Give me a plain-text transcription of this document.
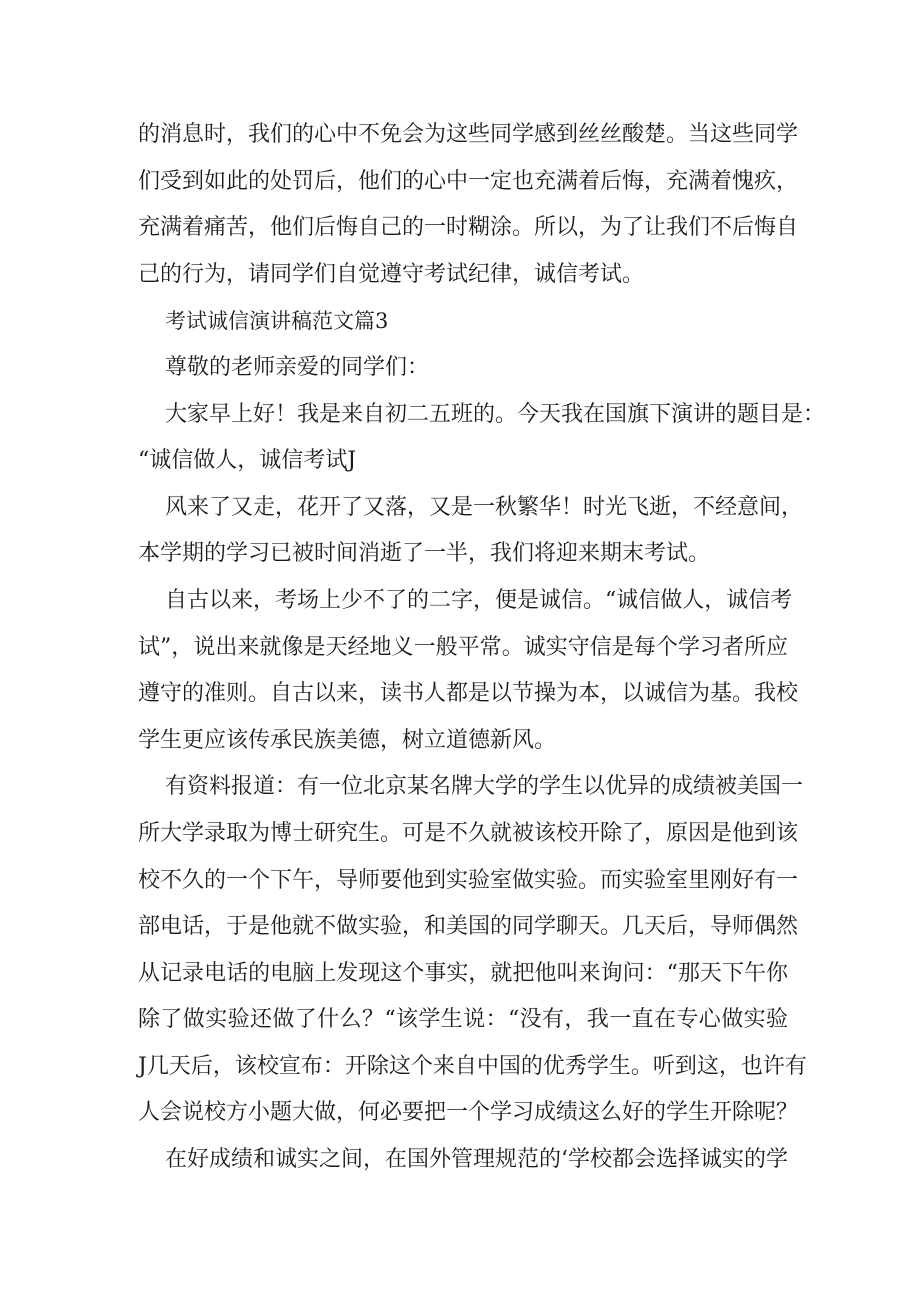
的消息时，我们的心中不免会为这些同学感到丝丝酸楚。当这些同学
们受到如此的处罚后，他们的心中一定也充满着后悔，充满着愧疚，
充满着痛苦，他们后悔自己的一时糊涂。所以，为了让我们不后悔自
己的行为，请同学们自觉遵守考试纪律，诚信考试。
考试诚信演讲稿范文篇3
尊敬的老师亲爱的同学们：
大家早上好！我是来自初二五班的。今天我在国旗下演讲的题目是：
“诚信做人，诚信考试J
风来了又走，花开了又落，又是一秋繁华！时光飞逝，不经意间，
本学期的学习已被时间消逝了一半，我们将迎来期末考试。
自古以来，考场上少不了的二字，便是诚信。“诚信做人，诚信考
试”，说出来就像是天经地义一般平常。诚实守信是每个学习者所应
遵守的准则。自古以来，读书人都是以节操为本，以诚信为基。我校
学生更应该传承民族美德，树立道德新风。
有资料报道：有一位北京某名牌大学的学生以优异的成绩被美国一
所大学录取为博士研究生。可是不久就被该校开除了，原因是他到该
校不久的一个下午，导师要他到实验室做实验。而实验室里刚好有一
部电话，于是他就不做实验，和美国的同学聊天。几天后，导师偶然
从记录电话的电脑上发现这个事实，就把他叫来询问：“那天下午你
除了做实验还做了什么？“该学生说：“没有，我一直在专心做实验
J几天后，该校宣布：开除这个来自中国的优秀学生。听到这，也许有
人会说校方小题大做，何必要把一个学习成绩这么好的学生开除呢？
在好成绩和诚实之间，在国外管理规范的‘学校都会选择诚实的学
